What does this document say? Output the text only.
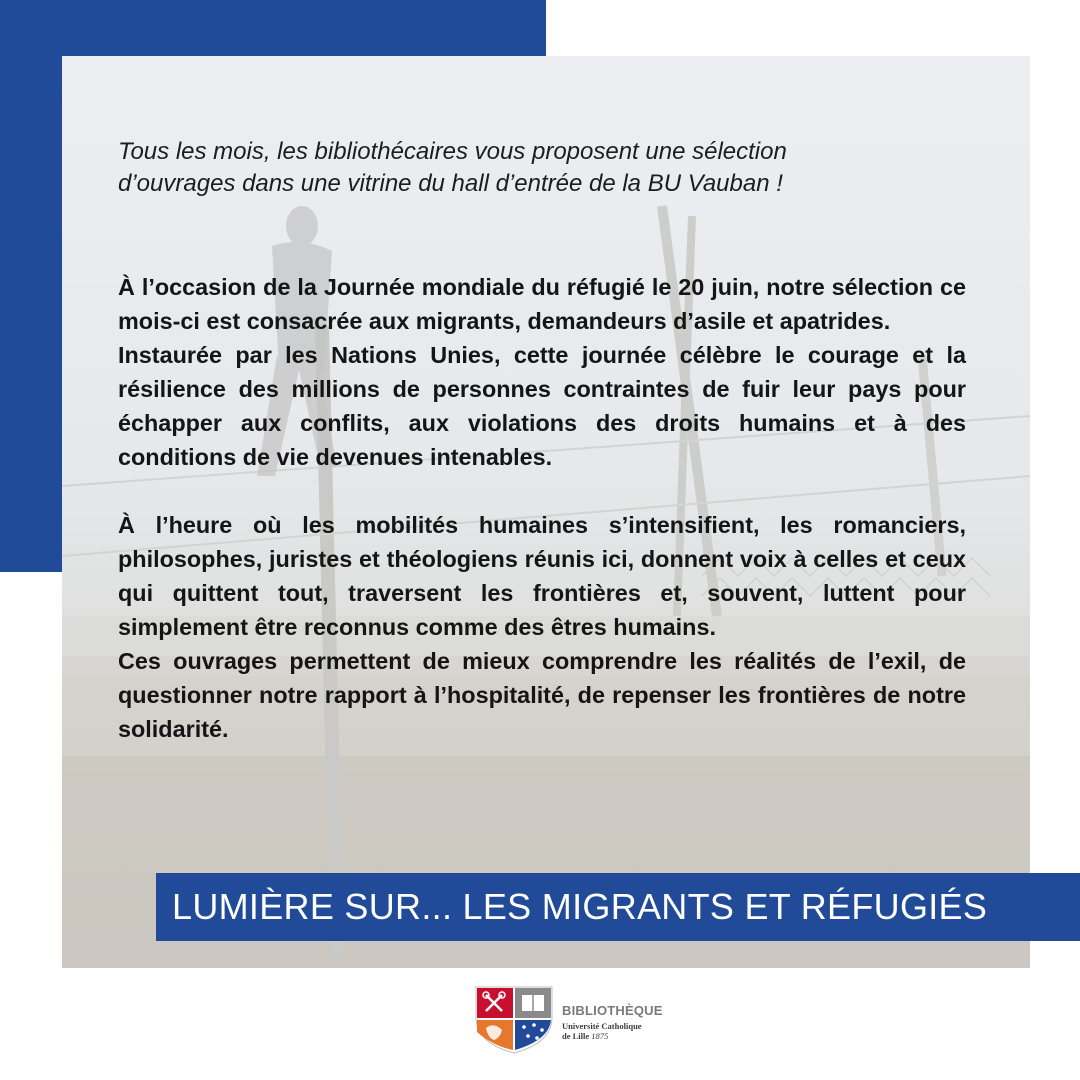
Tous les mois, les bibliothécaires vous proposent une sélection
d’ouvrages dans une vitrine du hall d’entrée de la BU Vauban !

À l’occasion de la Journée mondiale du réfugié le 20 juin, notre sélection ce mois-ci est consacrée aux migrants, demandeurs d’asile et apatrides.

Instaurée par les Nations Unies, cette journée célèbre le courage et la résilience des millions de personnes contraintes de fuir leur pays pour échapper aux conflits, aux violations des droits humains et à des conditions de vie devenues intenables.

À l’heure où les mobilités humaines s’intensifient, les romanciers, philosophes, juristes et théologiens réunis ici, donnent voix à celles et ceux qui quittent tout, traversent les frontières et, souvent, luttent pour simplement être reconnus comme des êtres humains.

Ces ouvrages permettent de mieux comprendre les réalités de l’exil, de questionner notre rapport à l’hospitalité, de repenser les frontières de notre solidarité.

LUMIÈRE SUR... LES MIGRANTS ET RÉFUGIÉS
BIBLIOTHÈQUE
Université Catholique
de Lille 1875
